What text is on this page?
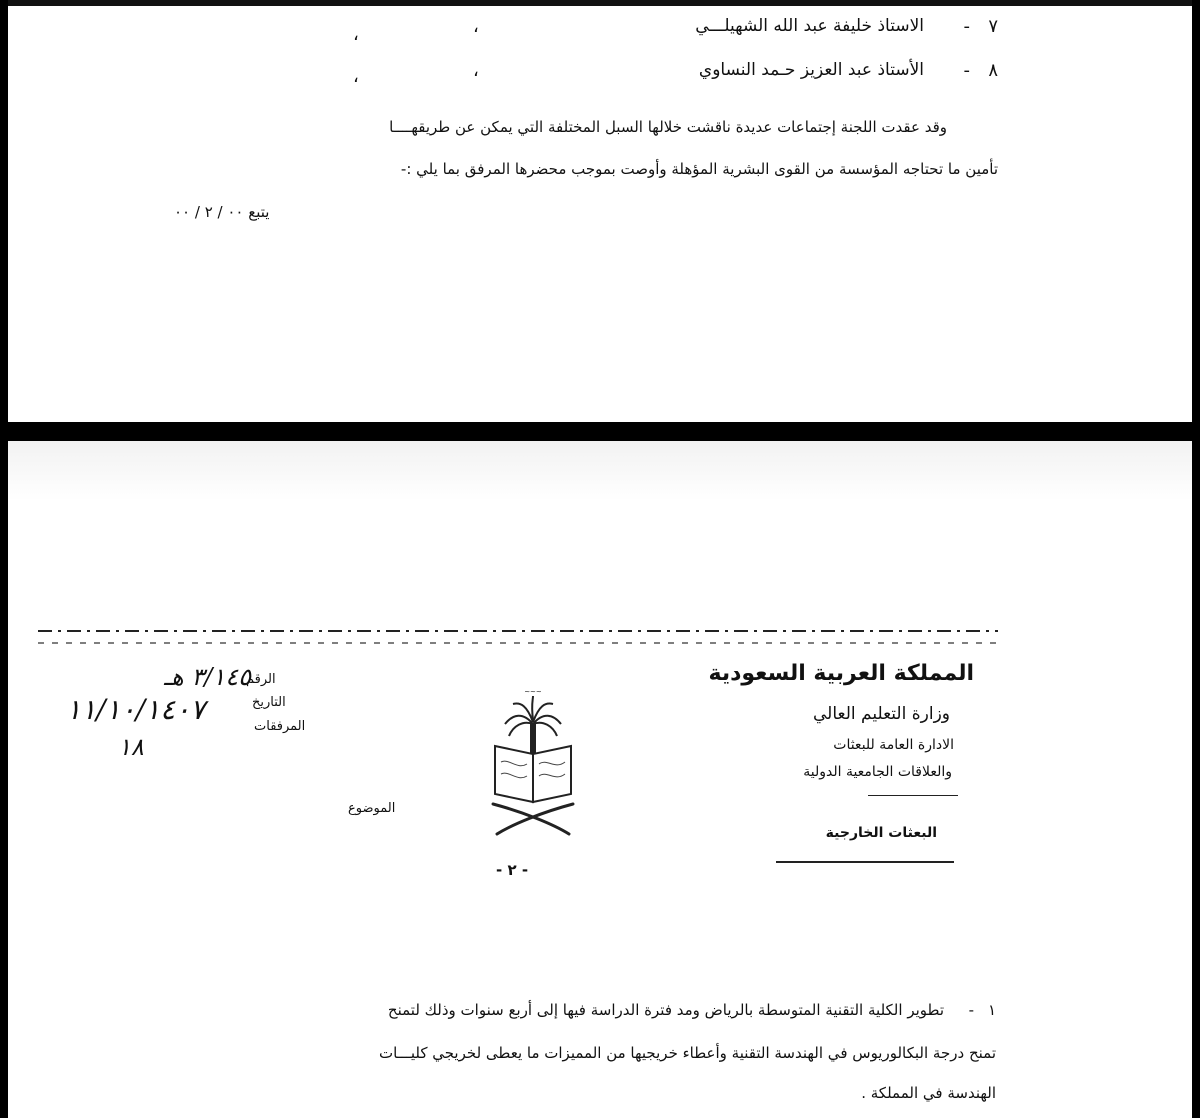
٧
-
الاستاذ خليفة عبد الله الشهيلـــي
،
،
٨
-
الأستاذ عبد العزيز حـمد النساوي
،
،
وقد عقدت اللجنة إجتماعات عديدة ناقشت خلالها السبل المختلفة التي يمكن عن طريقهــــا
تأمين ما تحتاجه المؤسسة من القوى البشرية المؤهلة وأوصت بموجب محضرها المرفق بما يلي :-
يتبع ٠٠ / ٢ / ٠٠
المملكة العربية السعودية
وزارة التعليم العالي
الادارة العامة للبعثات
والعلاقات الجامعية الدولية
البعثات الخارجية
~~~
الرقم
التاريخ
المرفقات
٣/١٤٥ هـ
١١/١٠/١٤٠٧
١٨
الموضوع
- ٢ -
١
-
تطوير الكلية التقنية المتوسطة بالرياض ومد فترة الدراسة فيها إلى أربع سنوات وذلك لتمنح
تمنح درجة البكالوريوس في الهندسة التقنية وأعطاء خريجيها من المميزات ما يعطى لخريجي كليـــات
الهندسة في المملكة .
